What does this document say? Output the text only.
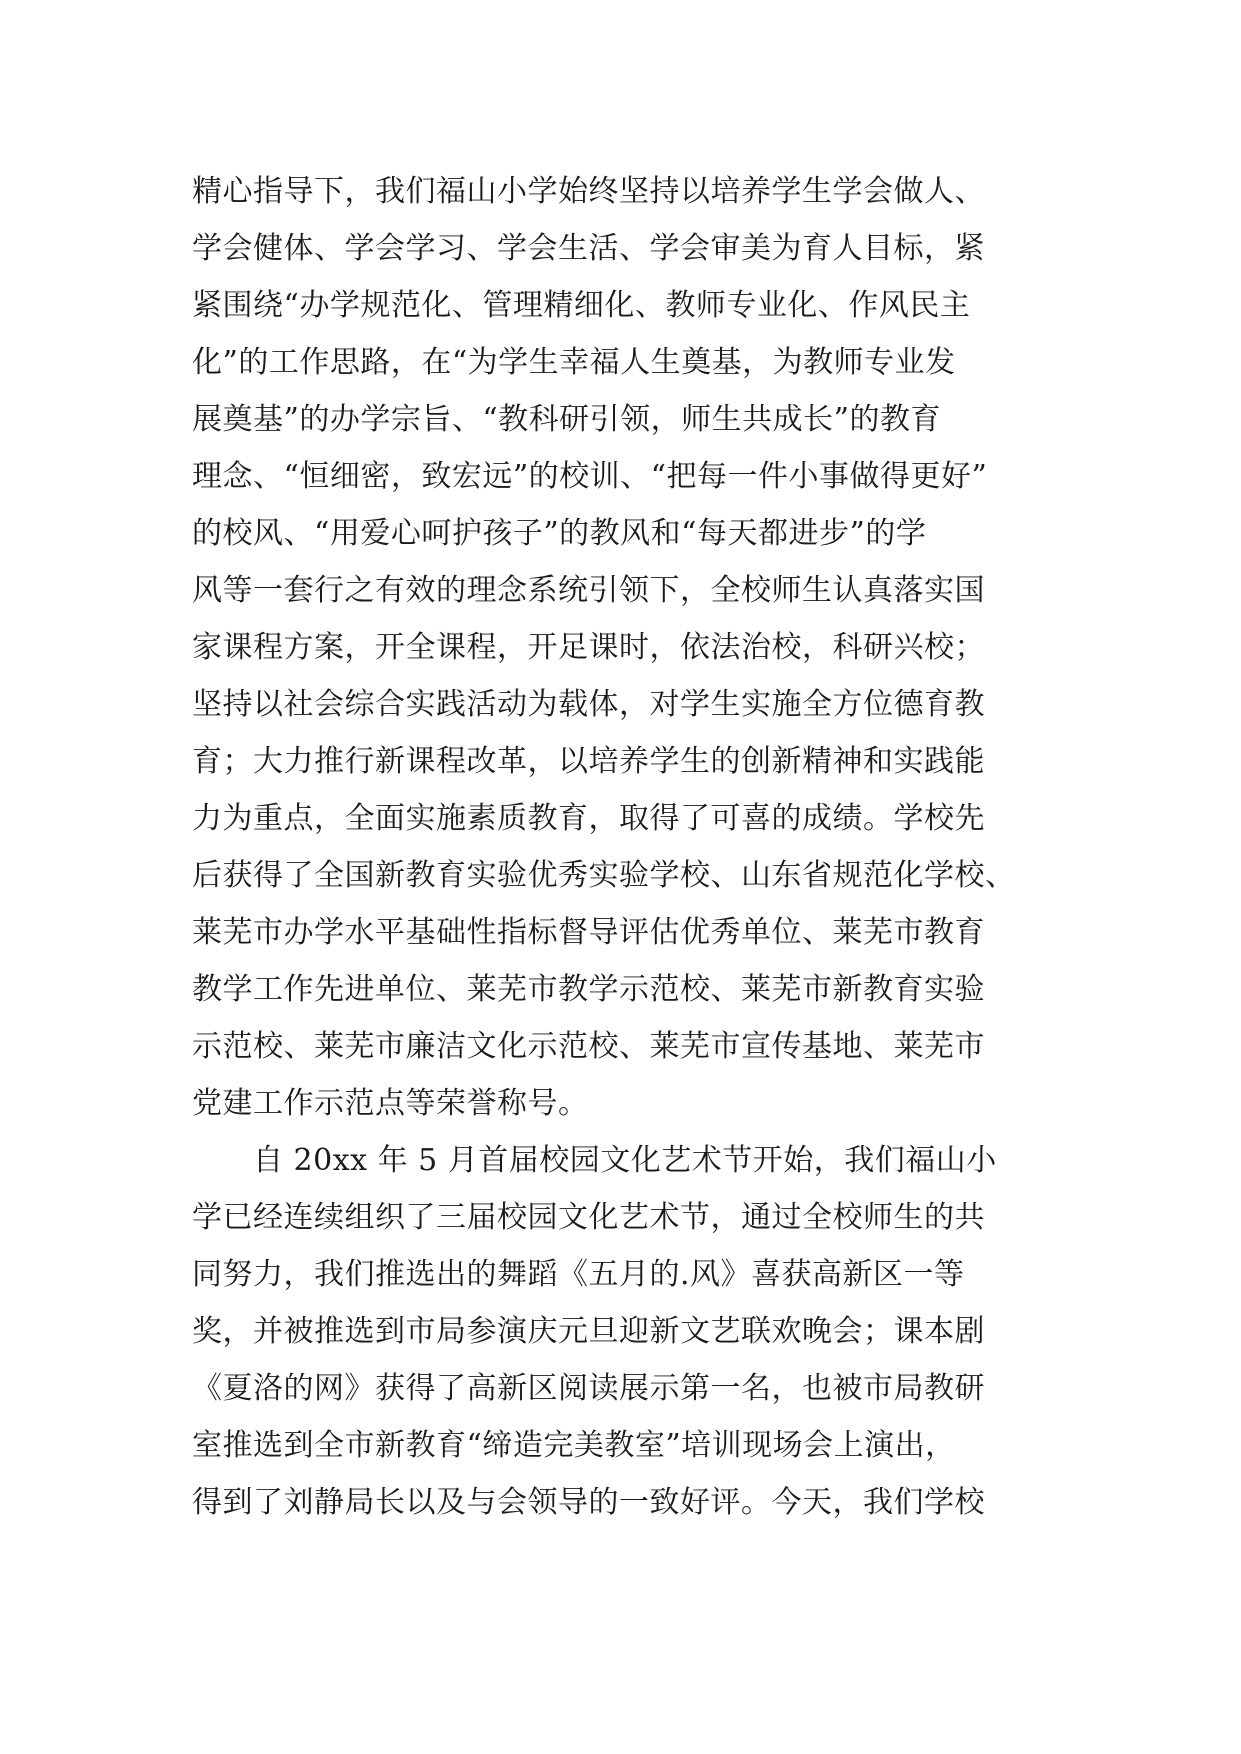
精心指导下，我们福山小学始终坚持以培养学生学会做人、
学会健体、学会学习、学会生活、学会审美为育人目标，紧
紧围绕“办学规范化、管理精细化、教师专业化、作风民主
化”的工作思路，在“为学生幸福人生奠基，为教师专业发
展奠基”的办学宗旨、“教科研引领，师生共成长”的教育
理念、“恒细密，致宏远”的校训、“把每一件小事做得更好”
的校风、“用爱心呵护孩子”的教风和“每天都进步”的学
风等一套行之有效的理念系统引领下，全校师生认真落实国
家课程方案，开全课程，开足课时，依法治校，科研兴校；
坚持以社会综合实践活动为载体，对学生实施全方位德育教
育；大力推行新课程改革，以培养学生的创新精神和实践能
力为重点，全面实施素质教育，取得了可喜的成绩。学校先
后获得了全国新教育实验优秀实验学校、山东省规范化学校、
莱芜市办学水平基础性指标督导评估优秀单位、莱芜市教育
教学工作先进单位、莱芜市教学示范校、莱芜市新教育实验
示范校、莱芜市廉洁文化示范校、莱芜市宣传基地、莱芜市
党建工作示范点等荣誉称号。
　　自 20xx 年 5 月首届校园文化艺术节开始，我们福山小
学已经连续组织了三届校园文化艺术节，通过全校师生的共
同努力，我们推选出的舞蹈《五月的.风》喜获高新区一等
奖，并被推选到市局参演庆元旦迎新文艺联欢晚会；课本剧
《夏洛的网》获得了高新区阅读展示第一名，也被市局教研
室推选到全市新教育“缔造完美教室”培训现场会上演出，
得到了刘静局长以及与会领导的一致好评。今天，我们学校
